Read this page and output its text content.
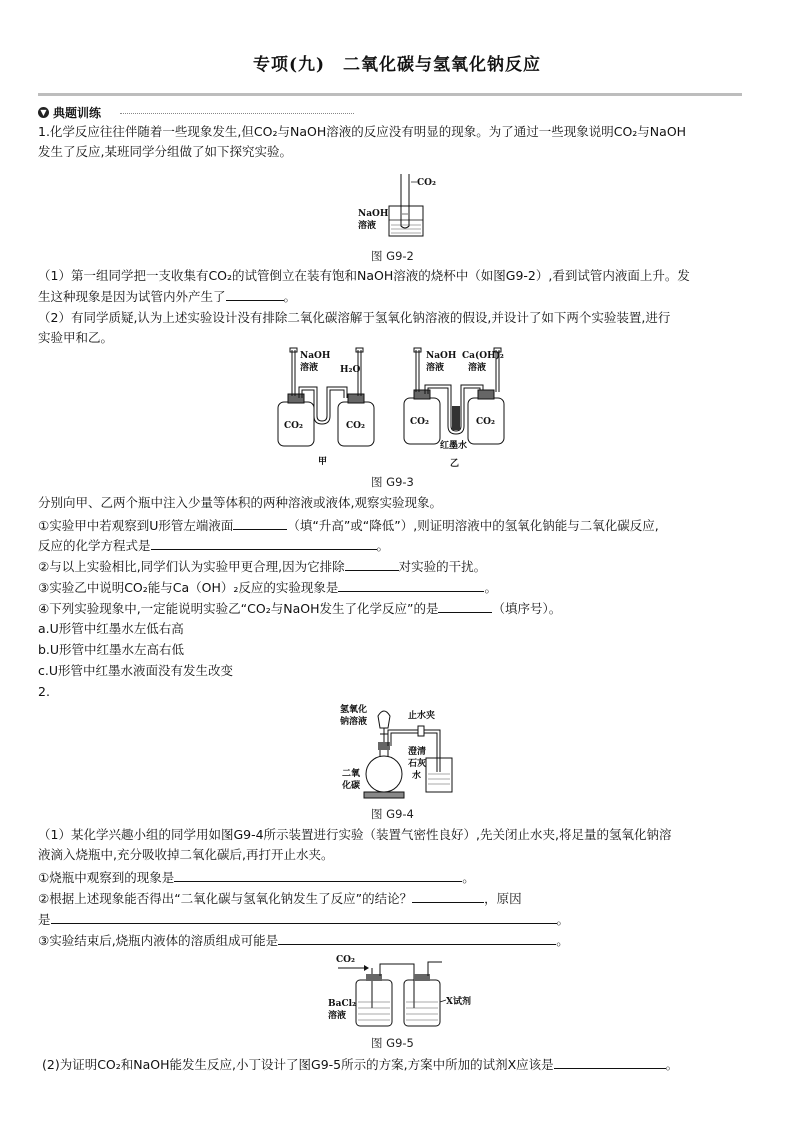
专项(九)　二氧化碳与氢氧化钠反应
▼ 典题训练
1.化学反应往往伴随着一些现象发生,但CO₂与NaOH溶液的反应没有明显的现象。为了通过一些现象说明CO₂与NaOH
发生了反应,某班同学分组做了如下探究实验。
CO₂
NaOH
溶液
图 G9-2
（1）第一组同学把一支收集有CO₂的试管倒立在装有饱和NaOH溶液的烧杯中（如图G9-2）,看到试管内液面上升。发
生这种现象是因为试管内外产生了	。
（2）有同学质疑,认为上述实验设计没有排除二氧化碳溶解于氢氧化钠溶液的假设,并设计了如下两个实验装置,进行
实验甲和乙。
NaOH
溶液 H₂O
CO₂	CO₂
甲
NaOH
溶液
Ca(OH)₂
溶液
CO₂	CO₂
红墨水
乙
图 G9-3
分别向甲、乙两个瓶中注入少量等体积的两种溶液或液体,观察实验现象。
①实验甲中若观察到U形管左端液面	（填“升高”或“降低”）,则证明溶液中的氢氧化钠能与二氧化碳反应,
反应的化学方程式是	。
②与以上实验相比,同学们认为实验甲更合理,因为它排除	对实验的干扰。
③实验乙中说明CO₂能与Ca（OH）₂反应的实验现象是	。
④下列实验现象中,一定能说明实验乙“CO₂与NaOH发生了化学反应”的是	（填序号）。
a.U形管中红墨水左低右高
b.U形管中红墨水左高右低
c.U形管中红墨水液面没有发生改变
2.
氢氧化
钠溶液
止水夹
二氧
化碳
澄清
石灰
水
图 G9-4
（1）某化学兴趣小组的同学用如图G9-4所示装置进行实验（装置气密性良好）,先关闭止水夹,将足量的氢氧化钠溶
液滴入烧瓶中,充分吸收掉二氧化碳后,再打开止水夹。
①烧瓶中观察到的现象是	。
②根据上述现象能否得出“二氧化碳与氢氧化钠发生了反应”的结论？	，原因
是	。
③实验结束后,烧瓶内液体的溶质组成可能是	。
CO₂
BaCl₂
溶液
X试剂
图 G9-5
(2)为证明CO₂和NaOH能发生反应,小丁设计了图G9-5所示的方案,方案中所加的试剂X应该是	。
